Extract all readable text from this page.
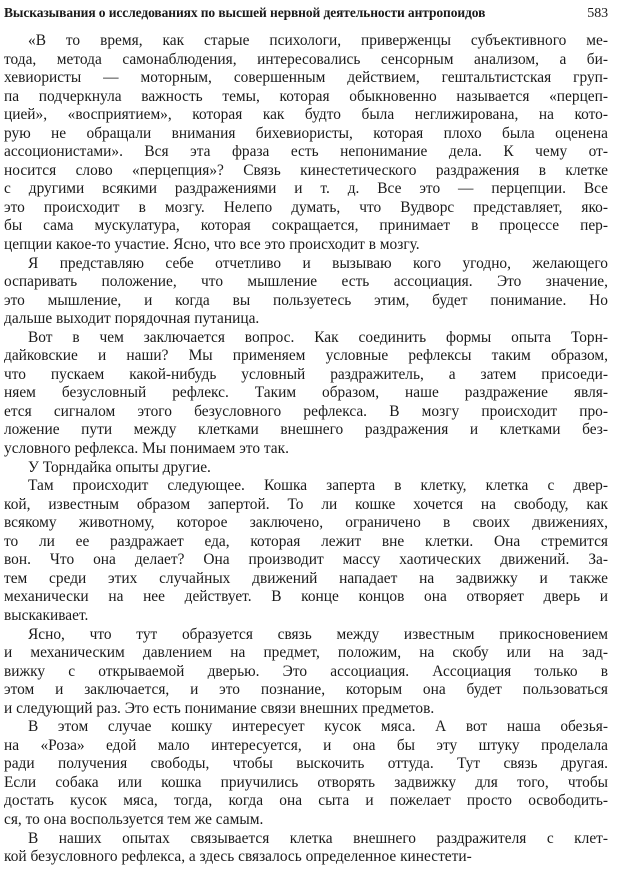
Высказывания о исследованиях по высшей нервной деятельности антропоидов	583
«В то время, как старые психологи, приверженцы субъективного ме-
тода, метода самонаблюдения, интересовались сенсорным анализом, а би-
хевиористы — моторным, совершенным действием, гештальтистская груп-
па подчеркнула важность темы, которая обыкновенно называется «перцеп-
цией», «восприятием», которая как будто была неглижирована, на кото-
рую не обращали внимания бихевиористы, которая плохо была оценена
ассоционистами». Вся эта фраза есть непонимание дела. К чему от-
носится слово «перцепция»? Связь кинестетического раздражения в клетке
с другими всякими раздражениями и т. д. Все это — перцепции. Все
это происходит в мозгу. Нелепо думать, что Вудворс представляет, яко-
бы сама мускулатура, которая сокращается, принимает в процессе пер-
цепции какое-то участие. Ясно, что все это происходит в мозгу.
Я представляю себе отчетливо и вызываю кого угодно, желающего
оспаривать положение, что мышление есть ассоциация. Это значение,
это мышление, и когда вы пользуетесь этим, будет понимание. Но
дальше выходит порядочная путаница.
Вот в чем заключается вопрос. Как соединить формы опыта Торн-
дайковские и наши? Мы применяем условные рефлексы таким образом,
что пускаем какой-нибудь условный раздражитель, а затем присоеди-
няем безусловный рефлекс. Таким образом, наше раздражение явля-
ется сигналом этого безусловного рефлекса. В мозгу происходит про-
ложение пути между клетками внешнего раздражения и клетками без-
условного рефлекса. Мы понимаем это так.
У Торндайка опыты другие.
Там происходит следующее. Кошка заперта в клетку, клетка с двер-
кой, известным образом запертой. То ли кошке хочется на свободу, как
всякому животному, которое заключено, ограничено в своих движениях,
то ли ее раздражает еда, которая лежит вне клетки. Она стремится
вон. Что она делает? Она производит массу хаотических движений. За-
тем среди этих случайных движений нападает на задвижку и также
механически на нее действует. В конце концов она отворяет дверь и
выскакивает.
Ясно, что тут образуется связь между известным прикосновением
и механическим давлением на предмет, положим, на скобу или на зад-
вижку с открываемой дверью. Это ассоциация. Ассоциация только в
этом и заключается, и это познание, которым она будет пользоваться
и следующий раз. Это есть понимание связи внешних предметов.
В этом случае кошку интересует кусок мяса. А вот наша обезья-
на «Роза» едой мало интересуется, и она бы эту штуку проделала
ради получения свободы, чтобы выскочить оттуда. Тут связь другая.
Если собака или кошка приучились отворять задвижку для того, чтобы
достать кусок мяса, тогда, когда она сыта и пожелает просто освободить-
ся, то она воспользуется тем же самым.
В наших опытах связывается клетка внешнего раздражителя с клет-
кой безусловного рефлекса, а здесь связалось определенное кинестети-
